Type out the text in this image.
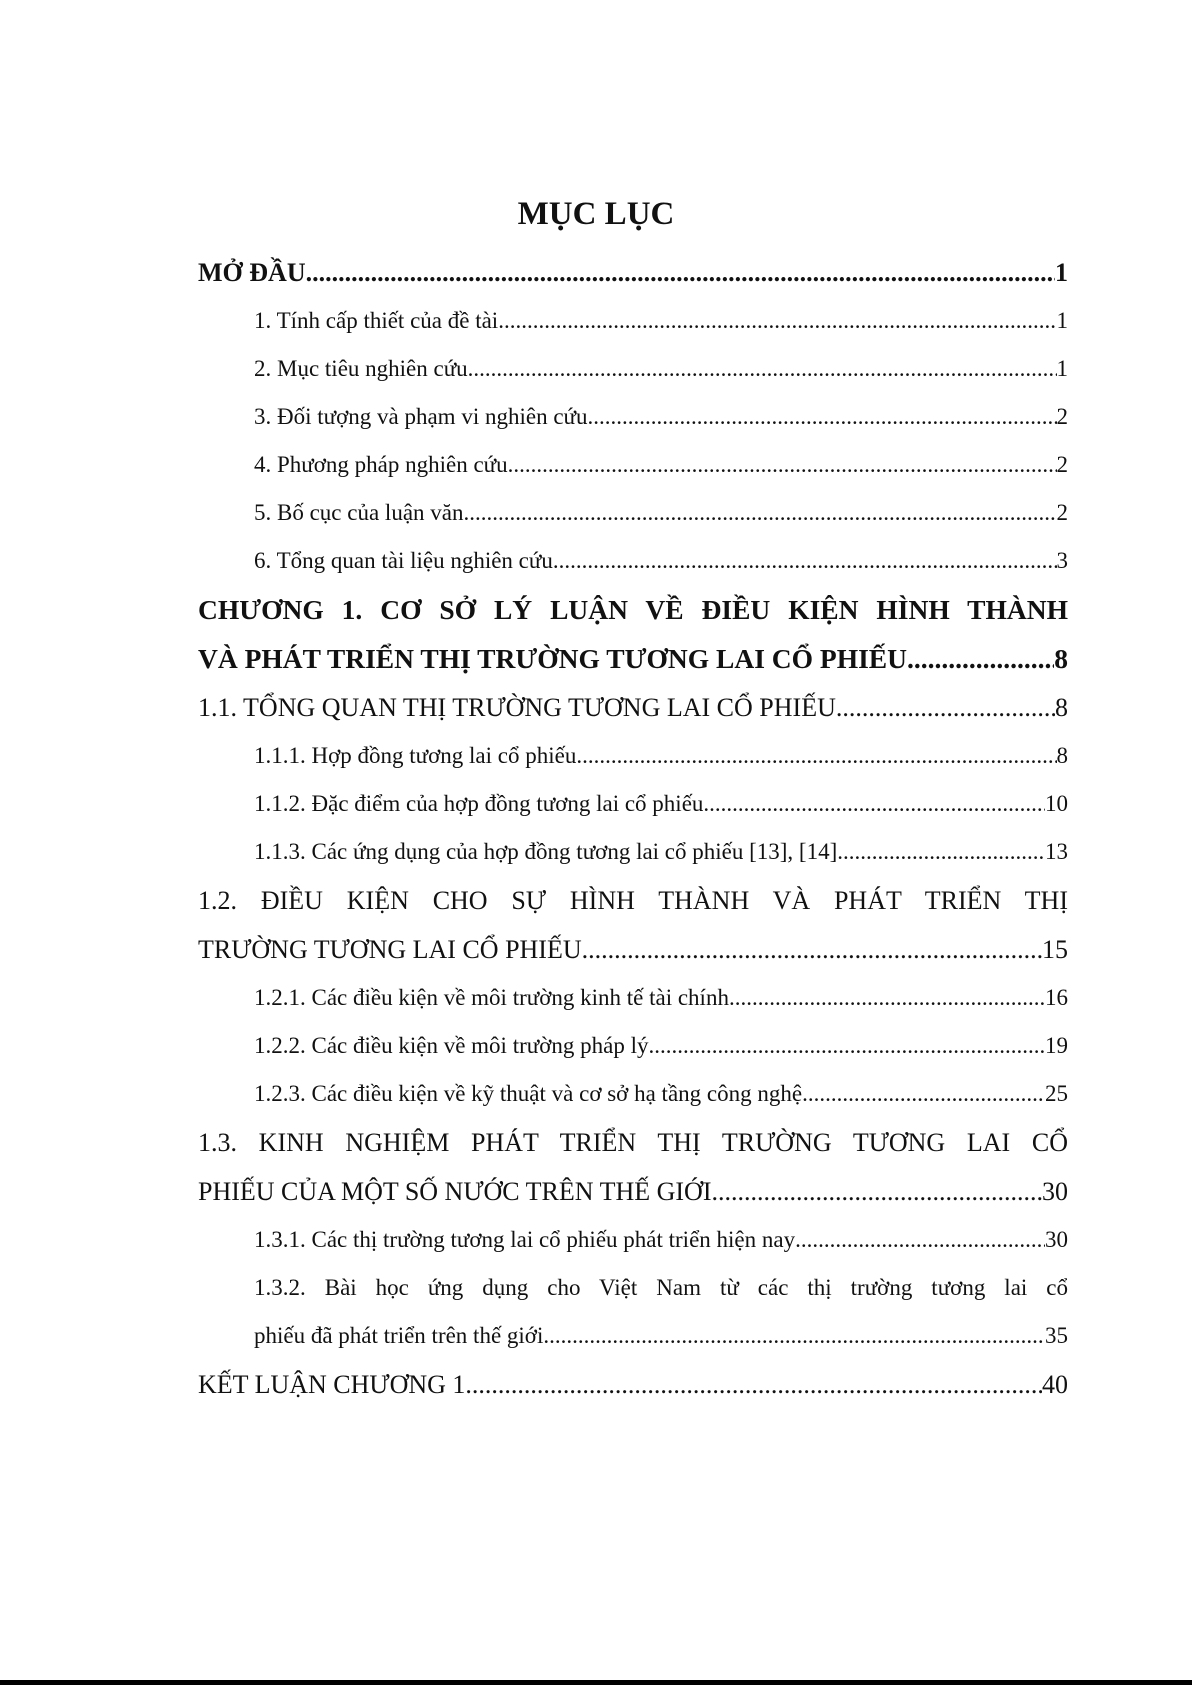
MỤC LỤC
MỞ ĐẦU .....	1
1. Tính cấp thiết của đề tài .....	1
2. Mục tiêu nghiên cứu .....	1
3. Đối tượng và phạm vi nghiên cứu .....	2
4. Phương pháp nghiên cứu .....	2
5. Bố cục của luận văn .....	2
6. Tổng quan tài liệu nghiên cứu .....	3
CHƯƠNG 1. CƠ SỞ LÝ LUẬN VỀ ĐIỀU KIỆN HÌNH THÀNH
VÀ PHÁT TRIỂN THỊ TRƯỜNG TƯƠNG LAI CỔ PHIẾU .....	8
1.1. TỔNG QUAN THỊ TRƯỜNG TƯƠNG LAI CỔ PHIẾU .....	8
1.1.1. Hợp đồng tương lai cổ phiếu .....	8
1.1.2. Đặc điểm của hợp đồng tương lai cổ phiếu .....	10
1.1.3. Các ứng dụng của hợp đồng tương lai cổ phiếu [13], [14] .....	13
1.2. ĐIỀU KIỆN CHO SỰ HÌNH THÀNH VÀ PHÁT TRIỂN THỊ
TRƯỜNG TƯƠNG LAI CỔ PHIẾU .....	15
1.2.1. Các điều kiện về môi trường kinh tế tài chính .....	16
1.2.2. Các điều kiện về môi trường pháp lý .....	19
1.2.3. Các điều kiện về kỹ thuật và cơ sở hạ tầng công nghệ .....	25
1.3. KINH NGHIỆM PHÁT TRIỂN THỊ TRƯỜNG TƯƠNG LAI CỔ
PHIẾU CỦA MỘT SỐ NƯỚC TRÊN THẾ GIỚI .....	30
1.3.1. Các thị trường tương lai cổ phiếu phát triển hiện nay .....	30
1.3.2. Bài học ứng dụng cho Việt Nam từ các thị trường tương lai cổ
phiếu đã phát triển trên thế giới .....	35
KẾT LUẬN CHƯƠNG 1 .....	40
